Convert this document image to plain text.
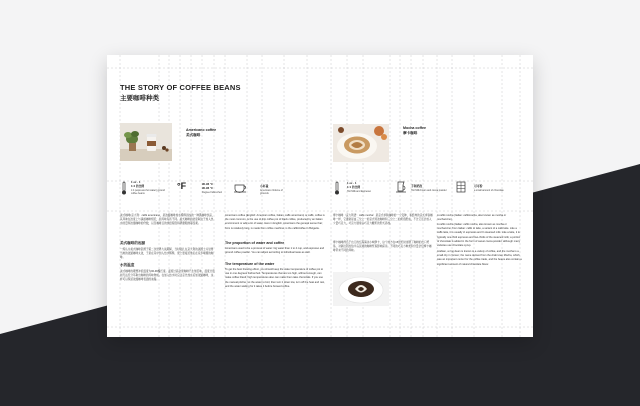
THE STORY OF COFFEE BEANS
主要咖啡种类
Americano coffee
美式咖啡
Mocha coffee
摩卡咖啡
1 oz · 1
1:4 的比例
1:4 (espresso:hot water) ground coffee beans
°F	90-96 °C
90-96 °C
Degree Fahrenheit
小杯量
Americano Volume of grounds
1 oz · 1
1:1 的比例
Hot Milk and Espresso
手调奶泡
Hot Milk Foam and cocoa powder
可可粉
a small amount of chocolate
美式咖啡(意大利：caffè americano，是浓缩咖啡加水稀释而成的一种黑咖啡饮品，其风味在浓度上与滴滤咖啡相近，但风味有所不同。美式咖啡的浓度取决于加入热水的量和浓缩咖啡的份数，以及咖啡豆的烘焙程度和研磨粗细等因素。
美式咖啡的起源
一般认为美式咖啡起源于第二次世界大战期间，当时驻扎在意大利的美国士兵觉得当地的浓缩咖啡太浓，于是在其中加入热水稀释，使之更接近他们在家乡喝惯的咖啡。
水的温度
美式咖啡的理想冲泡温度为90-96摄氏度。温度过高会使咖啡产生焦苦味，温度过低则无法充分萃取出咖啡的风味物质。在加入热水时应注意先加水后加浓缩咖啡，这样可以保留浓缩咖啡表面的油脂。
Americano coffee (English: American coffee, Italian: caffè americano) or caffè, coffee is the most common, is the use of drip coffee pot of black coffee, produced by an Italian environment or add a lot of water. Here in English, Americano the general sense that; from is relatively long, is made from coffee machine, is the caffè/coffee in Bulgaria.
The proportion of water and coffee
Americano used to be a process of water: big water than 1 to 4 cup, and espresso and ground coffee powder. You can adjust according to individual taste as well.
The temperature of the water
To get the best brewing effect, you should keep the water temperature of coffee pot to use in one degrees Fahrenheit. Temperatures that are too high, without enough, can make coffee bland, high temperatures also can make them take chemicals. If you use the manual pitcher, let the water to boil, then turn it down low, turn off the heat and rest, and the water waiting for it takes it before brewed coffee.
摩卡咖啡（意大利语：caffè mocha）是意式拿铁咖啡的一个变种，和经典的意式拿铁咖啡一样，它通常是由三分之一的意式特浓咖啡和三分之二的奶泡配成，不过它还会加入少量巧克力，巧克力通常以巧克力糖浆的形式添加。
摩卡咖啡得名于也门的红海海边小城摩卡，这个地方在15世纪时垄断了咖啡的出口贸易，对销往阿拉伯半岛区域的咖啡贸易影响深远。不同的巧克力种类和分量会给摩卡咖啡带来不同的风味。
A caffè mocha (Italian: caffèmocha, also known as mocha or mochaccino).
A caffè mocha (Italian: caffè mocha, also known as mocha or mochaccino, from Italian: caffè or latte, a variant of a café latte. Like a caffè latte, it is usually ⅓ espresso and ⅔ steamed milk. Like a latte, it is typically one-third espresso and two-thirds of the steamed milk; a portion of chocolate is added in the form of sweet cocoa powder, although many varieties use chocolate syrup.
Arabian, a ring-bean is known to a variety of coffee, and the mocha is a small city in Yemen; the name derived from the Arab town Mocha, which was an important center for the coffee trade, and the beans also contain a significant amount of natural chocolate flavor.
